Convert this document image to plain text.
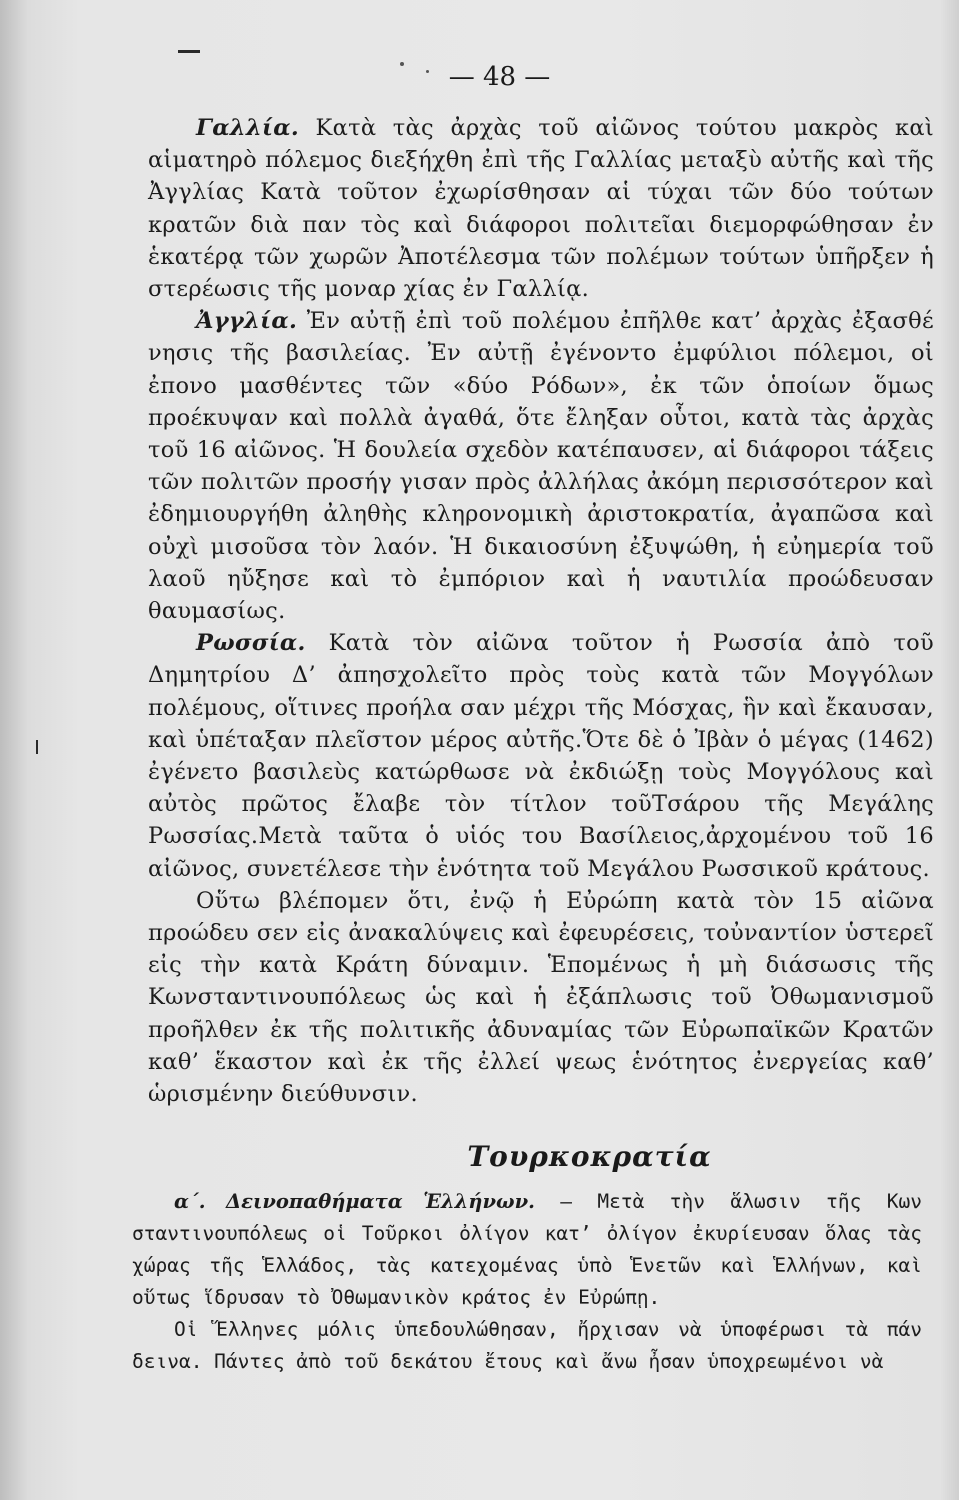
— 48 —

Γαλλία. Κατὰ τὰς ἀρχὰς τοῦ αἰῶνος τούτου μακρὸς καὶ αἱματηρὸ πόλεμος διεξήχθη ἐπὶ τῆς Γαλλίας μεταξὺ αὐτῆς καὶ τῆς Ἀγγλίας Κατὰ τοῦτον ἐχωρίσθησαν αἱ τύχαι τῶν δύο τούτων κρατῶν διὰ παν τὸς καὶ διάφοροι πολιτεῖαι διεμορφώθησαν ἐν ἑκατέρᾳ τῶν χωρῶν Ἀποτέλεσμα τῶν πολέμων τούτων ὑπῆρξεν ἡ στερέωσις τῆς μοναρ χίας ἐν Γαλλίᾳ.

Ἀγγλία. Ἐν αὐτῇ ἐπὶ τοῦ πολέμου ἐπῆλθε κατ’ ἀρχὰς ἐξασθέ νησις τῆς βασιλείας. Ἐν αὐτῇ ἐγένοντο ἐμφύλιοι πόλεμοι, οἱ ἐπονο μασθέντες τῶν «δύο Ρόδων», ἐκ τῶν ὁποίων ὅμως προέκυψαν καὶ πολλὰ ἀγαθά, ὅτε ἔληξαν οὗτοι, κατὰ τὰς ἀρχὰς τοῦ 16 αἰῶνος. Ἡ δουλεία σχεδὸν κατέπαυσεν, αἱ διάφοροι τάξεις τῶν πολιτῶν προσήγ γισαν πρὸς ἀλλήλας ἀκόμη περισσότερον καὶ ἐδημιουργήθη ἀληθὴς κληρονομικὴ ἀριστοκρατία, ἀγαπῶσα καὶ οὐχὶ μισοῦσα τὸν λαόν. Ἡ δικαιοσύνη ἐξυψώθη, ἡ εὐημερία τοῦ λαοῦ ηὔξησε καὶ τὸ ἐμπόριον καὶ ἡ ναυτιλία προώδευσαν θαυμασίως.

Ρωσσία. Κατὰ τὸν αἰῶνα τοῦτον ἡ Ρωσσία ἀπὸ τοῦ Δημητρίου Δ’ ἀπησχολεῖτο πρὸς τοὺς κατὰ τῶν Μογγόλων πολέμους, οἵτινες προήλα σαν μέχρι τῆς Μόσχας, ἣν καὶ ἔκαυσαν, καὶ ὑπέταξαν πλεῖστον μέρος αὐτῆς.Ὅτε δὲ ὁ Ἰβὰν ὁ μέγας (1462) ἐγένετο βασιλεὺς κατώρθωσε νὰ ἐκδιώξῃ τοὺς Μογγόλους καὶ αὐτὸς πρῶτος ἔλαβε τὸν τίτλον τοῦΤσάρου τῆς Μεγάλης Ρωσσίας.Μετὰ ταῦτα ὁ υἱός του Βασίλειος,ἀρχομένου τοῦ 16 αἰῶνος, συνετέλεσε τὴν ἑνότητα τοῦ Μεγάλου Ρωσσικοῦ κράτους.

Οὕτω βλέπομεν ὅτι, ἐνῷ ἡ Εὐρώπη κατὰ τὸν 15 αἰῶνα προώδευ σεν εἰς ἀνακαλύψεις καὶ ἐφευρέσεις, τοὐναντίον ὑστερεῖ εἰς τὴν κατὰ Κράτη δύναμιν. Ἑπομένως ἡ μὴ διάσωσις τῆς Κωνσταντινουπόλεως ὡς καὶ ἡ ἐξάπλωσις τοῦ Ὀθωμανισμοῦ προῆλθεν ἐκ τῆς πολιτικῆς ἀδυναμίας τῶν Εὐρωπαϊκῶν Κρατῶν καθ’ ἕκαστον καὶ ἐκ τῆς ἐλλεί ψεως ἑνότητος ἐνεργείας καθ’ ὡρισμένην διεύθυνσιν.

Τουρκοκρατία

α΄. Δεινοπαθήματα Ἑλλήνων. — Μετὰ τὴν ἅλωσιν τῆς Κων σταντινουπόλεως οἱ Τοῦρκοι ὀλίγον κατ’ ὀλίγον ἐκυρίευσαν ὅλας τὰς χώρας τῆς Ἑλλάδος, τὰς κατεχομένας ὑπὸ Ἑνετῶν καὶ Ἑλλήνων, καὶ οὕτως ἵδρυσαν τὸ Ὀθωμανικὸν κράτος ἐν Εὐρώπῃ.

Οἱ Ἕλληνες μόλις ὑπεδουλώθησαν, ἤρχισαν νὰ ὑποφέρωσι τὰ πάν δεινα. Πάντες ἀπὸ τοῦ δεκάτου ἔτους καὶ ἄνω ἦσαν ὑποχρεωμένοι νὰ
